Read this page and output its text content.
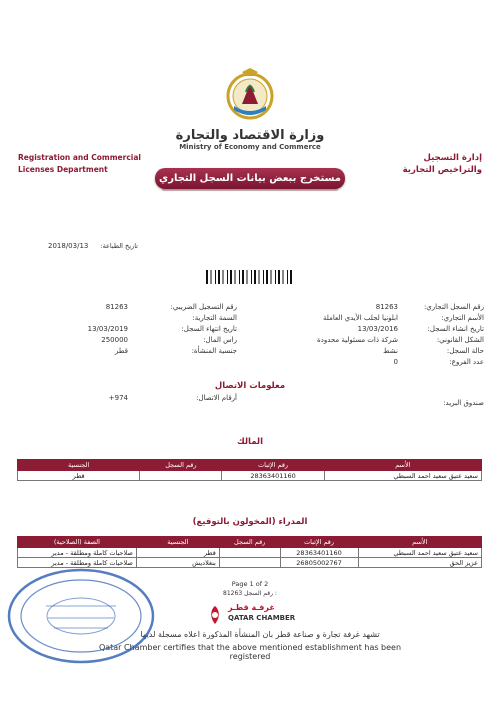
وزارة الاقتصاد والتجارة
Ministry of Economy and Commerce
Registration and Commercial
Licenses Department
إدارة التسجيل
والتراخيص التجارية
مستخرج ببعض بيانات السجل التجاري
تاريخ الطباعة:
2018/03/13
رقم السجل التجاري:
81263
الأسم التجاري:
ابلونيا لجلب الأيدي العاملة
تاريخ انشاء السجل:
13/03/2016
الشكل القانوني:
شركة ذات مسئولية محدودة
حالة السجل:
نشط
عدد الفروع:
0
رقم التسجيل الضريبي:
81263
السمة التجارية:
تاريخ انتهاء السجل:
13/03/2019
راس المال:
250000
جنسية المنشأة:
قطر
معلومات الاتصال
صندوق البريد:
أرقام الاتصال:
+974
المالك
الأسم	رقم الإثبات	رقم السجل	الجنسية
سعيد عتيق سعيد احمد السبطي	28363401160		قطر
المدراء (المخولون بالتوقيع)
الأسم	رقم الإثبات	رقم السجل	الجنسية	الصفة (الصلاحية)
سعيد عتيق سعيد احمد السبطي	28363401160		قطر	صلاحيات كاملة ومطلقة - مدير
عزيز الحق	26805002767		بنغلاديش	صلاحيات كاملة ومطلقة - مدير
Page 1 of 2
81263 رقم السجل :
غرفـة قطـر
QATAR CHAMBER
تشهد غرفة تجارة و صناعة قطر بان المنشأة المذكورة اعلاه مسجلة لديها
Qatar Chamber certifies that the above mentioned establishment has been registered
